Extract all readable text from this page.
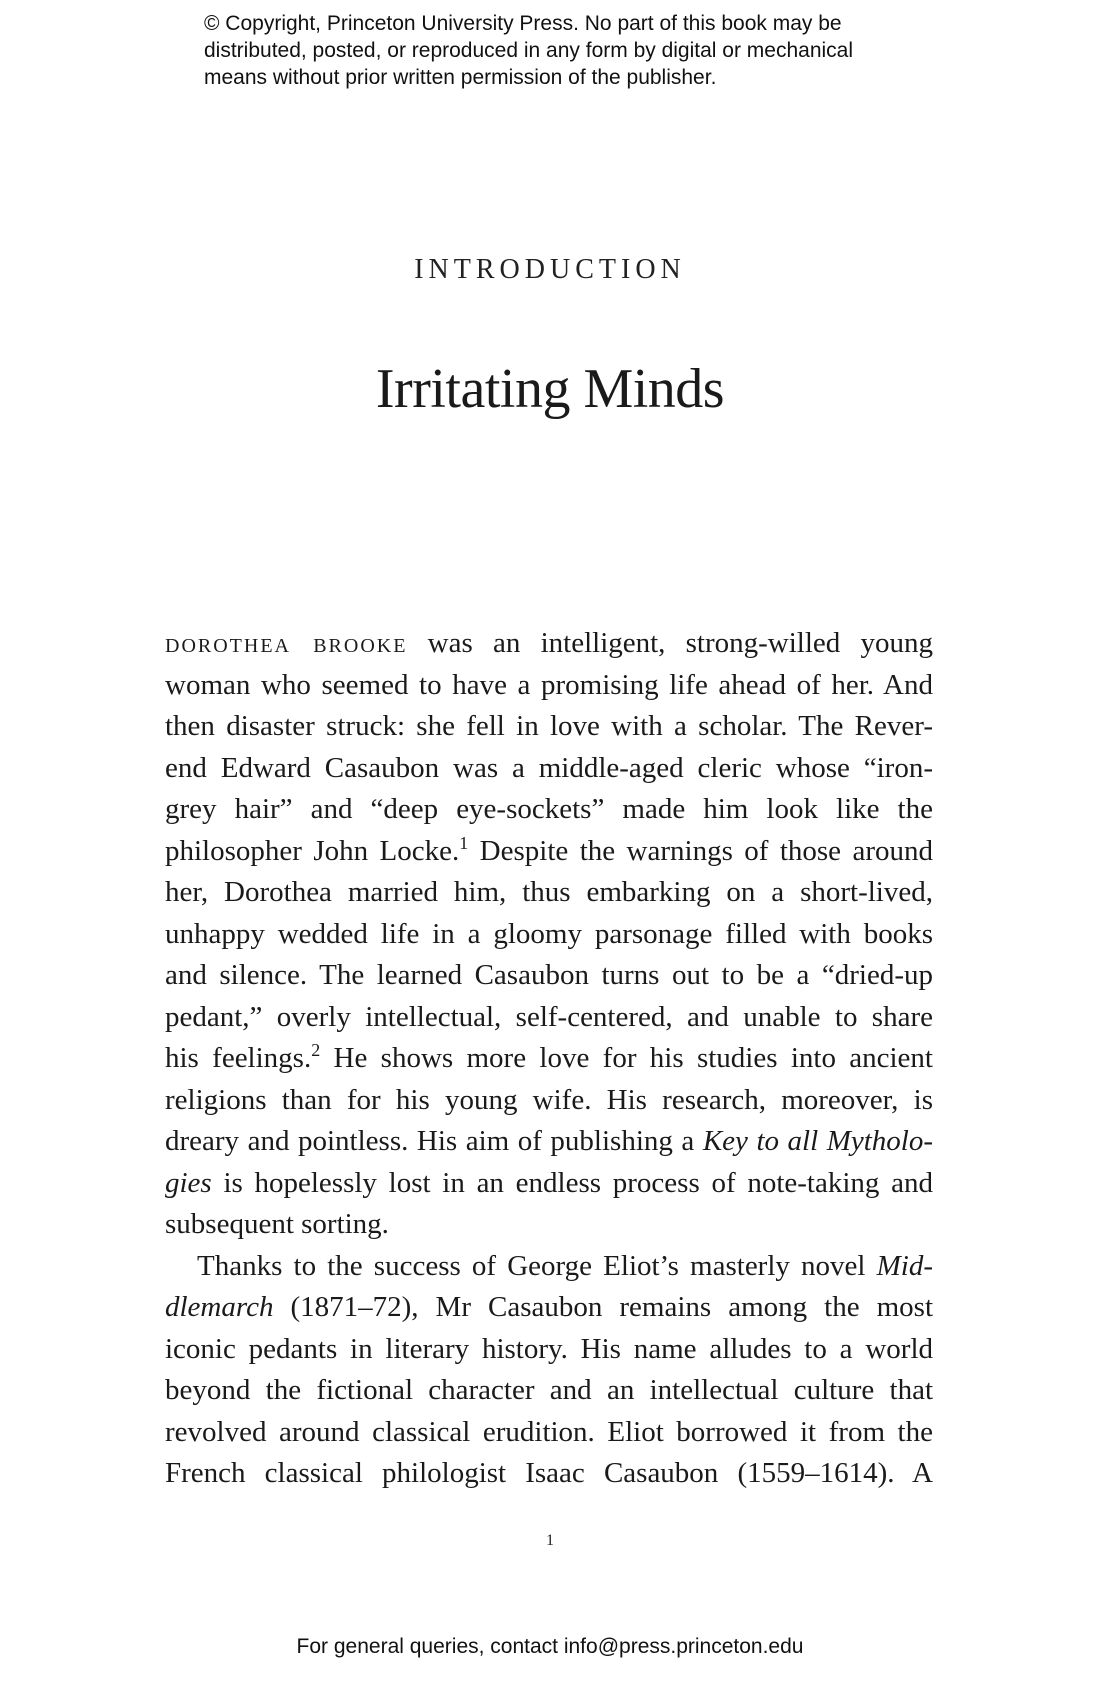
© Copyright, Princeton University Press. No part of this book may be
distributed, posted, or reproduced in any form by digital or mechanical
means without prior written permission of the publisher.
INTRODUCTION
Irritating Minds
dorothea brooke was an intelligent, strong-willed young
woman who seemed to have a promising life ahead of her. And
then disaster struck: she fell in love with a scholar. The Rever-
end Edward Casaubon was a middle-aged cleric whose “iron-
grey hair” and “deep eye-sockets” made him look like the
philosopher John Locke.$^1$ Despite the warnings of those around
her, Dorothea married him, thus embarking on a short-lived,
unhappy wedded life in a gloomy parsonage filled with books
and silence. The learned Casaubon turns out to be a “dried-up
pedant,” overly intellectual, self-centered, and unable to share
his feelings.$^2$ He shows more love for his studies into ancient
religions than for his young wife. His research, moreover, is
dreary and pointless. His aim of publishing a Key to all Mytholo-
gies is hopelessly lost in an endless process of note-taking and
subsequent sorting.
Thanks to the success of George Eliot’s masterly novel Mid-
dlemarch (1871–72), Mr Casaubon remains among the most
iconic pedants in literary history. His name alludes to a world
beyond the fictional character and an intellectual culture that
revolved around classical erudition. Eliot borrowed it from the
French classical philologist Isaac Casaubon (1559–1614). A
1
For general queries, contact info@press.princeton.edu
